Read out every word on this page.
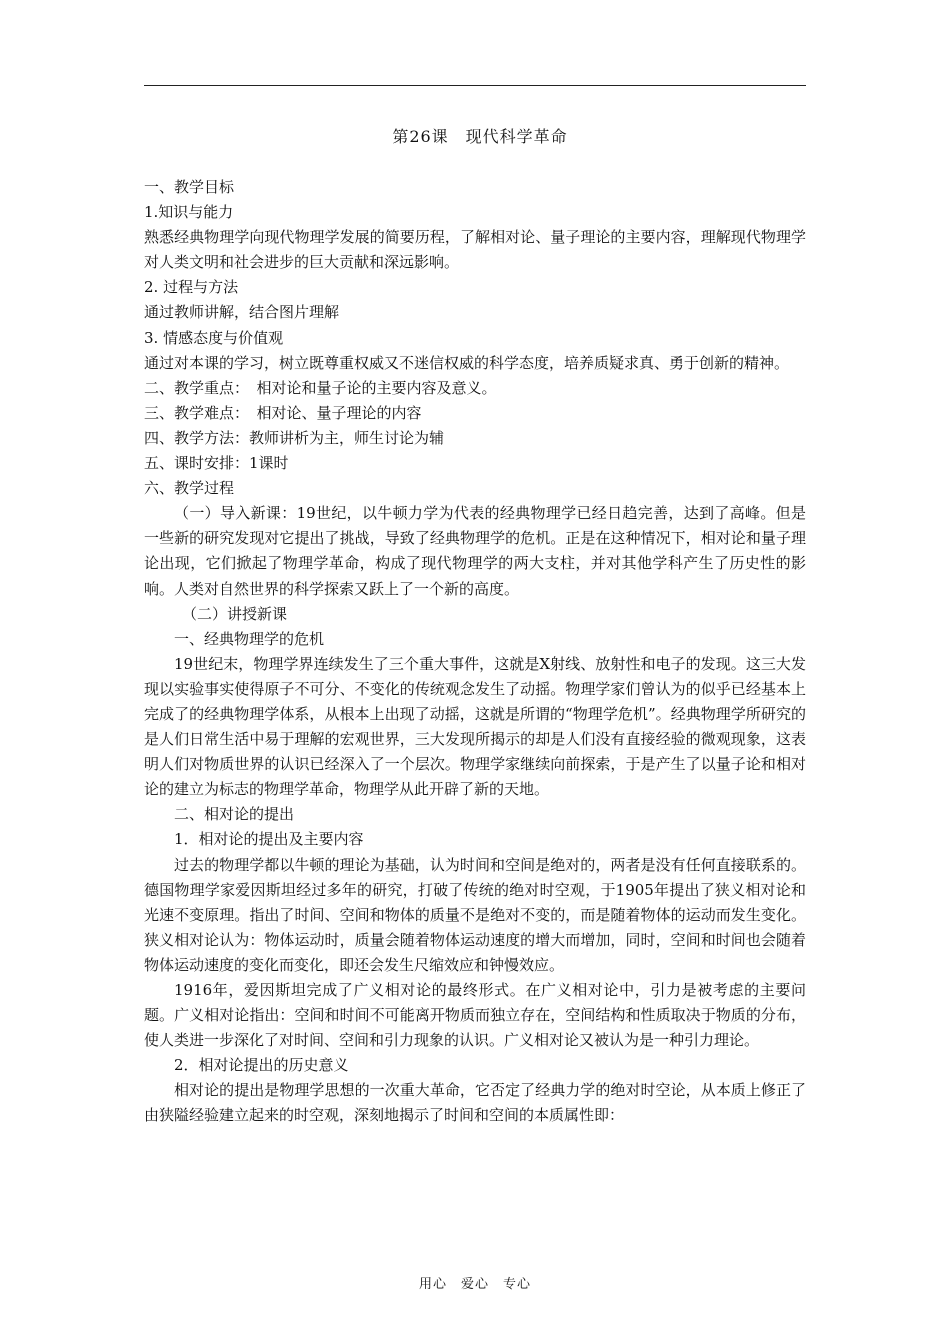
第26课　现代科学革命

一、教学目标

1.知识与能力

熟悉经典物理学向现代物理学发展的简要历程，了解相对论、量子理论的主要内容，理解现代物理学对人类文明和社会进步的巨大贡献和深远影响。

2. 过程与方法

通过教师讲解，结合图片理解

3. 情感态度与价值观

通过对本课的学习，树立既尊重权威又不迷信权威的科学态度，培养质疑求真、勇于创新的精神。

二、教学重点：　相对论和量子论的主要内容及意义。

三、教学难点：　相对论、量子理论的内容

四、教学方法：教师讲析为主，师生讨论为辅

五、课时安排：1课时

六、教学过程

（一）导入新课：19世纪，以牛顿力学为代表的经典物理学已经日趋完善，达到了高峰。但是一些新的研究发现对它提出了挑战，导致了经典物理学的危机。正是在这种情况下，相对论和量子理论出现，它们掀起了物理学革命，构成了现代物理学的两大支柱，并对其他学科产生了历史性的影响。人类对自然世界的科学探索又跃上了一个新的高度。

（二）讲授新课

一、经典物理学的危机

19世纪末，物理学界连续发生了三个重大事件，这就是X射线、放射性和电子的发现。这三大发现以实验事实使得原子不可分、不变化的传统观念发生了动摇。物理学家们曾认为的似乎已经基本上完成了的经典物理学体系，从根本上出现了动摇，这就是所谓的“物理学危机”。经典物理学所研究的是人们日常生活中易于理解的宏观世界，三大发现所揭示的却是人们没有直接经验的微观现象，这表明人们对物质世界的认识已经深入了一个层次。物理学家继续向前探索，于是产生了以量子论和相对论的建立为标志的物理学革命，物理学从此开辟了新的天地。

二、相对论的提出

1．相对论的提出及主要内容

过去的物理学都以牛顿的理论为基础，认为时间和空间是绝对的，两者是没有任何直接联系的。德国物理学家爱因斯坦经过多年的研究，打破了传统的绝对时空观，于1905年提出了狭义相对论和光速不变原理。指出了时间、空间和物体的质量不是绝对不变的，而是随着物体的运动而发生变化。狭义相对论认为：物体运动时，质量会随着物体运动速度的增大而增加，同时，空间和时间也会随着物体运动速度的变化而变化，即还会发生尺缩效应和钟慢效应。

1916年，爱因斯坦完成了广义相对论的最终形式。在广义相对论中，引力是被考虑的主要问题。广义相对论指出：空间和时间不可能离开物质而独立存在，空间结构和性质取决于物质的分布，使人类进一步深化了对时间、空间和引力现象的认识。广义相对论又被认为是一种引力理论。

2．相对论提出的历史意义

相对论的提出是物理学思想的一次重大革命，它否定了经典力学的绝对时空论，从本质上修正了由狭隘经验建立起来的时空观，深刻地揭示了时间和空间的本质属性即：

用心　爱心　专心
